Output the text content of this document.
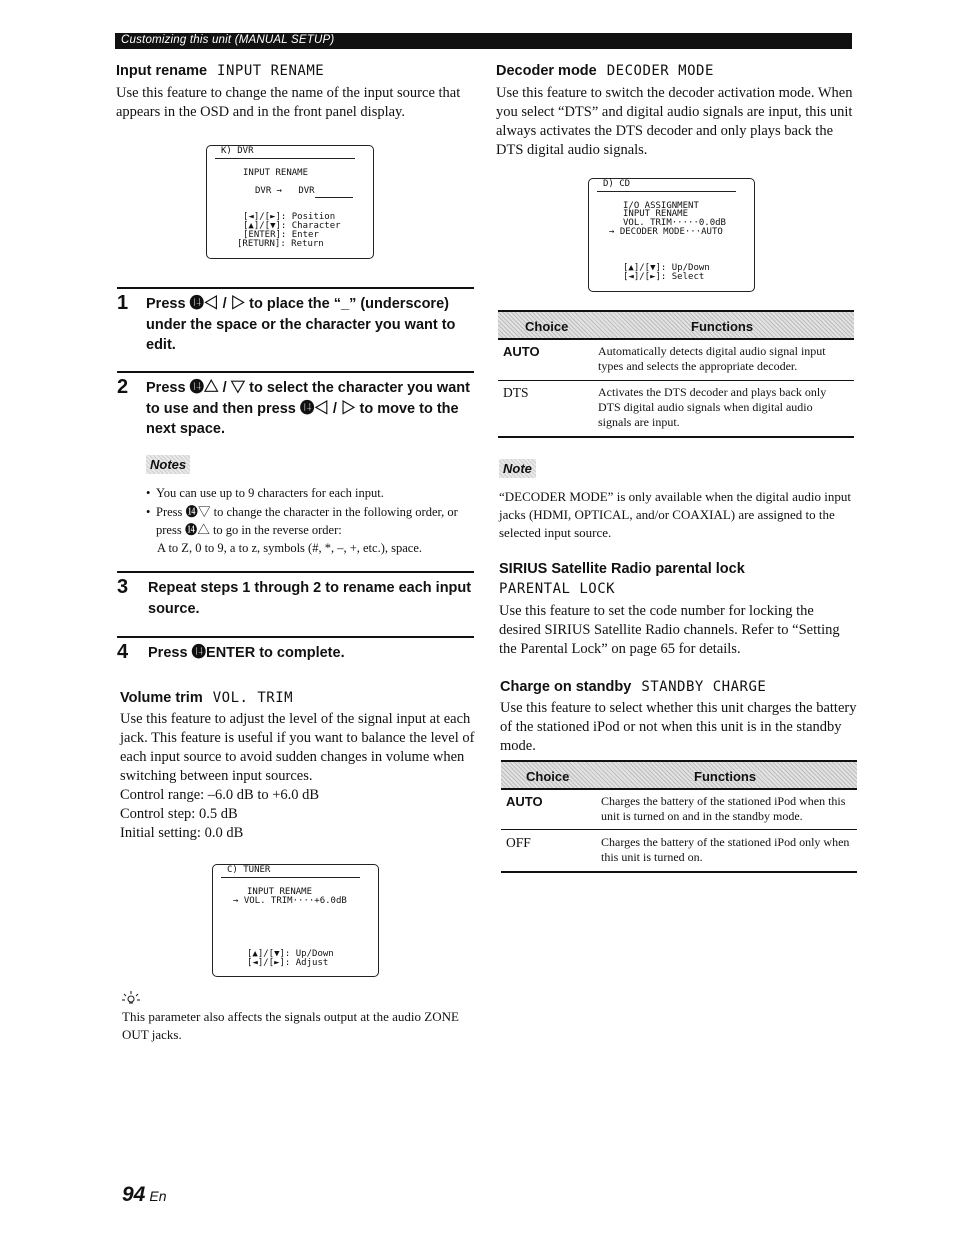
Customizing this unit (MANUAL SETUP)
Input rename INPUT RENAME
Use this feature to change the name of the input source that appears in the OSD and in the front panel display.
K) DVR
INPUT RENAME
DVR →   DVR
[◄]/[►]: Position
[▲]/[▼]: Character
[ENTER]: Enter
[RETURN]: Return
1 Press ⓮◁ / ▷ to place the “_” (underscore) under the space or the character you want to edit.
2 Press ⓮△ / ▽ to select the character you want to use and then press ⓮◁ / ▷ to move to the next space.
Notes
• You can use up to 9 characters for each input.
• Press ⓮▽ to change the character in the following order, or press ⓮△ to go in the reverse order:
A to Z, 0 to 9, a to z, symbols (#, *, –, +, etc.), space.
3 Repeat steps 1 through 2 to rename each input source.
4 Press ⓮ENTER to complete.
Volume trim VOL. TRIM
Use this feature to adjust the level of the signal input at each jack. This feature is useful if you want to balance the level of each input source to avoid sudden changes in volume when switching between input sources.
Control range: –6.0 dB to +6.0 dB
Control step: 0.5 dB
Initial setting: 0.0 dB
C) TUNER
INPUT RENAME
→ VOL. TRIM····+6.0dB
[▲]/[▼]: Up/Down
[◄]/[►]: Adjust
This parameter also affects the signals output at the audio ZONE OUT jacks.
94 En
Decoder mode DECODER MODE
Use this feature to switch the decoder activation mode. When you select “DTS” and digital audio signals are input, this unit always activates the DTS decoder and only plays back the DTS digital audio signals.
D) CD
I/O ASSIGNMENT
INPUT RENAME
VOL. TRIM·····0.0dB
→ DECODER MODE···AUTO
[▲]/[▼]: Up/Down
[◄]/[►]: Select
Choice	Functions
AUTO	Automatically detects digital audio signal input types and selects the appropriate decoder.
DTS	Activates the DTS decoder and plays back only DTS digital audio signals when digital audio signals are input.
Note
“DECODER MODE” is only available when the digital audio input jacks (HDMI, OPTICAL, and/or COAXIAL) are assigned to the selected input source.
SIRIUS Satellite Radio parental lock
PARENTAL LOCK
Use this feature to set the code number for locking the desired SIRIUS Satellite Radio channels. Refer to “Setting the Parental Lock” on page 65 for details.
Charge on standby STANDBY CHARGE
Use this feature to select whether this unit charges the battery of the stationed iPod or not when this unit is in the standby mode.
Choice	Functions
AUTO	Charges the battery of the stationed iPod when this unit is turned on and in the standby mode.
OFF	Charges the battery of the stationed iPod only when this unit is turned on.
